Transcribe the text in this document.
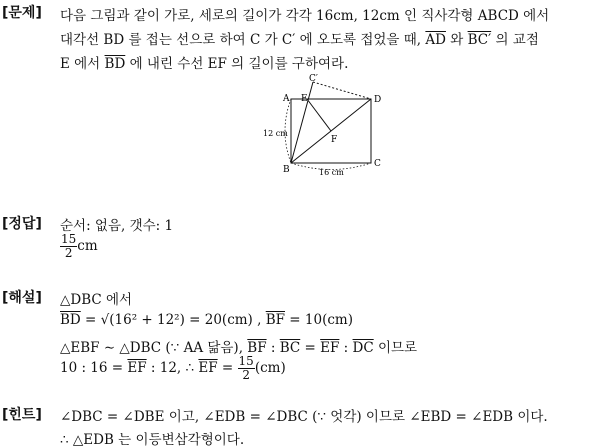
[문제] 다음 그림과 같이 가로, 세로의 길이가 각각 16cm, 12cm 인 직사각형 ABCD 에서
대각선 BD 를 접는 선으로 하여 C 가 C′ 에 오도록 접었을 때, $\overline{AD}$ 와 BC′ 의 교점
E 에서 $\overline{BD}$ 에 내린 수선 EF 의 길이를 구하여라.
A E
C′
D
F
B
C
12 cm
16 cm
[정답] 순서: 없음, 갯수: 1
$\frac{15}{2}$ cm
[해설] △DBC 에서
$\overline{BD} = √(16^2 + 12^2) = 20(cm)$ , $\overline{BF} = 10(cm)$
△EBF ∼ △DBC (∵ AA 닮음), $\overline{BF}$ : $\overline{BC} = \overline{EF}$ : $\overline{DC}$ 이므로
10 : $16 = \overline{EF}$ : 12, ∴ $\overline{EF} = \frac{15}{2} (cm)$
[힌트] ∠DBC = ∠DBE 이고, ∠EDB = ∠DBC (∵ 엇각) 이므로 ∠EBD = ∠EDB 이다.
∴ △EDB 는 이등변삼각형이다.
